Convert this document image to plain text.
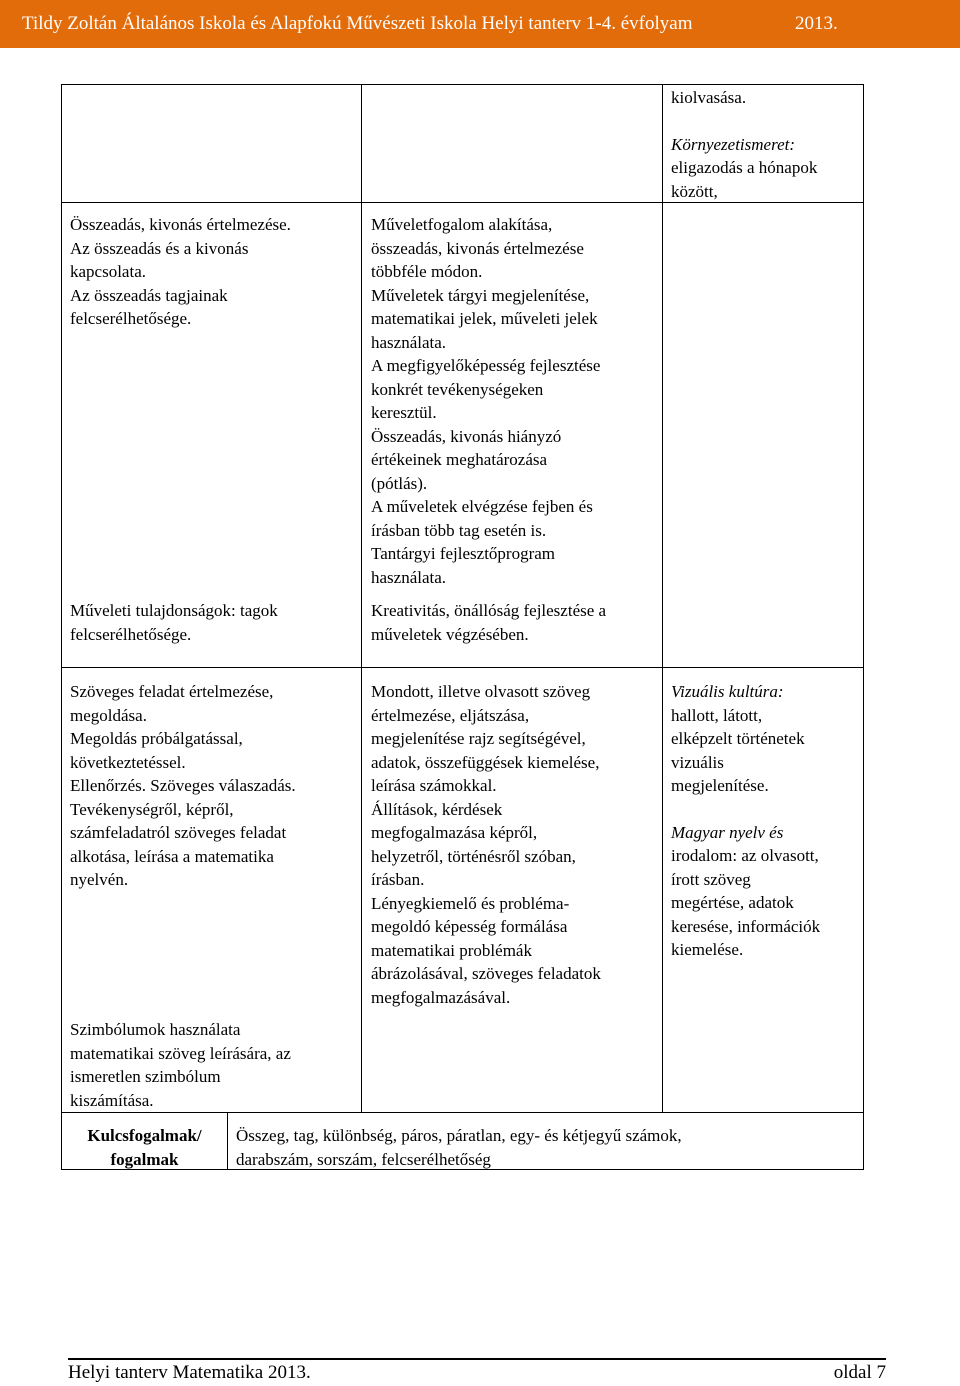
Tildy Zoltán Általános Iskola és Alapfokú Művészeti Iskola Helyi tanterv 1-4. évfolyam	2013.

kiolvasása.

Környezetismeret:

eligazodás a hónapok

között,

Összeadás, kivonás értelmezése.

Az összeadás és a kivonás

kapcsolata.

Az összeadás tagjainak

felcserélhetősége.

Műveleti tulajdonságok: tagok

felcserélhetősége.

Műveletfogalom alakítása,

összeadás, kivonás értelmezése

többféle módon.

Műveletek tárgyi megjelenítése,

matematikai jelek, műveleti jelek

használata.

A megfigyelőképesség fejlesztése

konkrét tevékenységeken

keresztül.

Összeadás, kivonás hiányzó

értékeinek meghatározása

(pótlás).

A műveletek elvégzése fejben és

írásban több tag esetén is.

Tantárgyi fejlesztőprogram

használata.

Kreativitás, önállóság fejlesztése a

műveletek végzésében.

Szöveges feladat értelmezése,

megoldása.

Megoldás próbálgatással,

következtetéssel.

Ellenőrzés. Szöveges válaszadás.

Tevékenységről, képről,

számfeladatról szöveges feladat

alkotása, leírása a matematika

nyelvén.

Szimbólumok használata

matematikai szöveg leírására, az

ismeretlen szimbólum

kiszámítása.

Mondott, illetve olvasott szöveg

értelmezése, eljátszása,

megjelenítése rajz segítségével,

adatok, összefüggések kiemelése,

leírása számokkal.

Állítások, kérdések

megfogalmazása képről,

helyzetről, történésről szóban,

írásban.

Lényegkiemelő és probléma-

megoldó képesség formálása

matematikai problémák

ábrázolásával, szöveges feladatok

megfogalmazásával.

Vizuális kultúra:

hallott, látott,

elképzelt történetek

vizuális

megjelenítése.

Magyar nyelv és

irodalom: az olvasott,

írott szöveg

megértése, adatok

keresése, információk

kiemelése.

Kulcsfogalmak/

fogalmak

Összeg, tag, különbség, páros, páratlan, egy- és kétjegyű számok,

darabszám, sorszám, felcserélhetőség

Helyi tanterv Matematika 2013.	oldal 7
